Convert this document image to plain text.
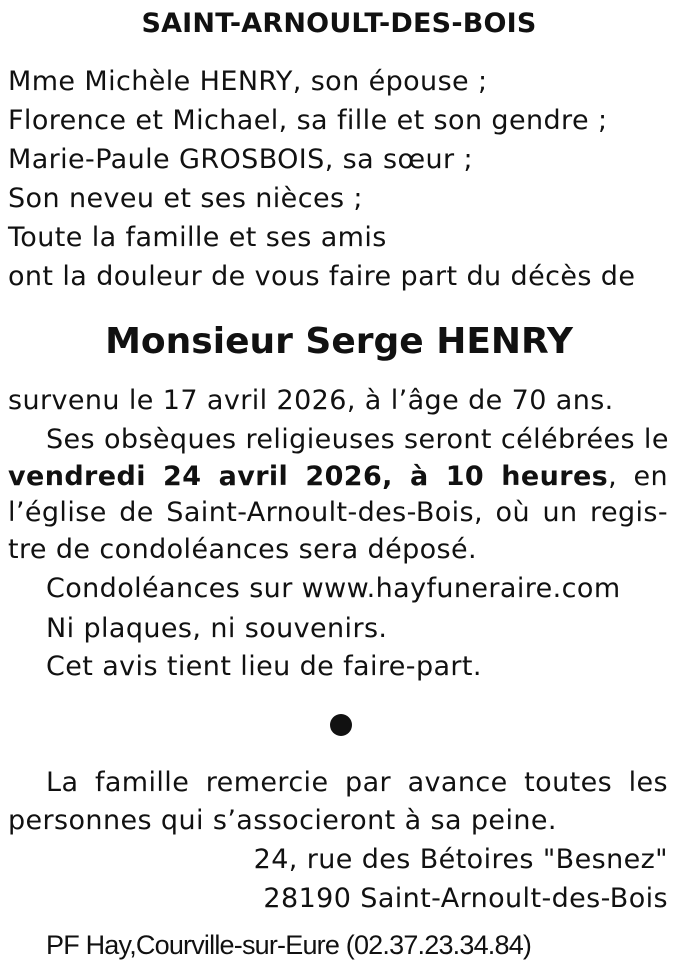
SAINT-ARNOULT-DES-BOIS
Mme Michèle HENRY, son épouse ;
Florence et Michael, sa fille et son gendre ;
Marie-Paule GROSBOIS, sa sœur ;
Son neveu et ses nièces ;
Toute la famille et ses amis
ont la douleur de vous faire part du décès de
Monsieur Serge HENRY
survenu le 17 avril 2026, à l’âge de 70 ans.
Ses obsèques religieuses seront célébrées le
vendredi 24 avril 2026, à 10 heures, en
l’église de Saint-Arnoult-des-Bois, où un regis-
tre de condoléances sera déposé.
Condoléances sur www.hayfuneraire.com
Ni plaques, ni souvenirs.
Cet avis tient lieu de faire-part.
La famille remercie par avance toutes les
personnes qui s’associeront à sa peine.
24, rue des Bétoires "Besnez"
28190 Saint-Arnoult-des-Bois
PF Hay,Courville-sur-Eure (02.37.23.34.84)
